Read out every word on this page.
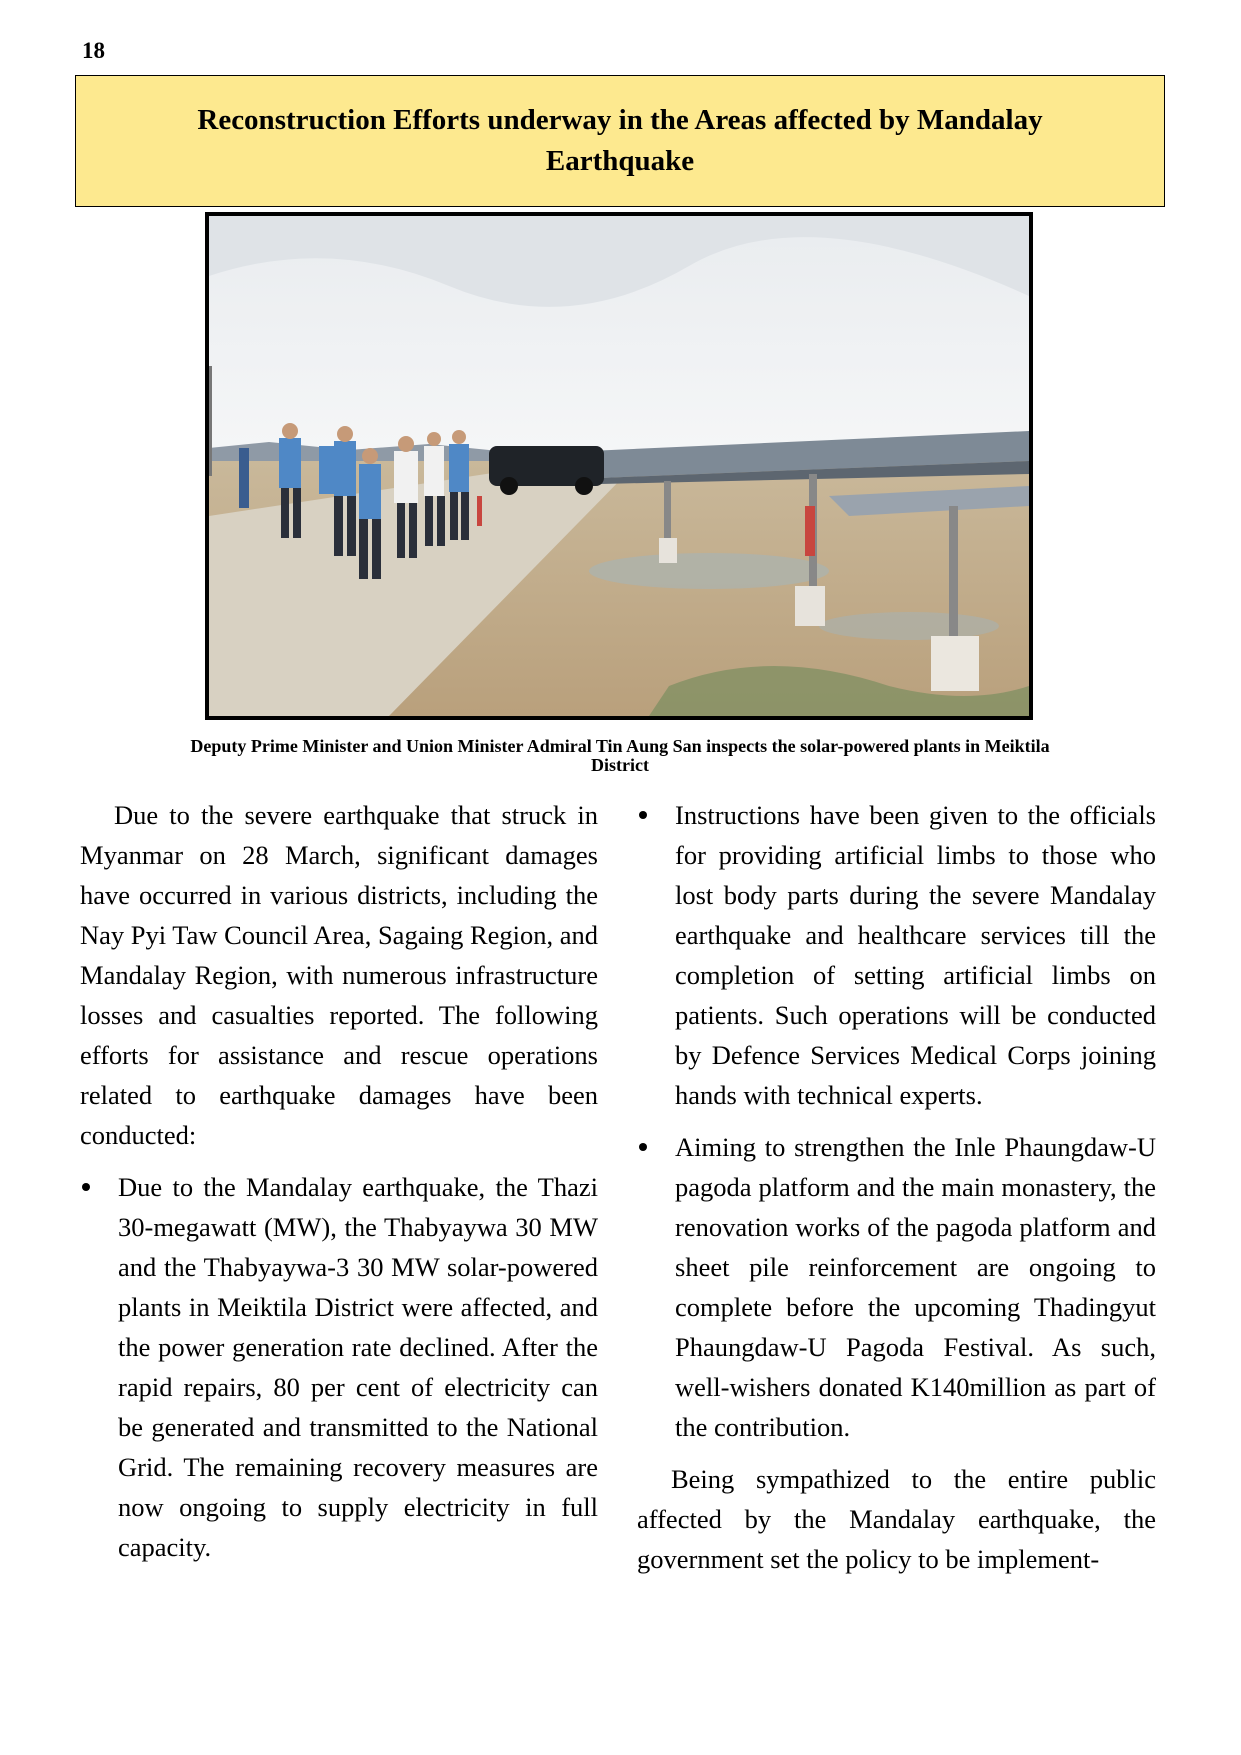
18
Reconstruction Efforts underway in the Areas affected by Mandalay
Earthquake
Deputy Prime Minister and Union Minister Admiral Tin Aung San inspects the solar-powered plants in Meiktila
District

Due to the severe earthquake that struck in Myanmar on 28 March, significant damages have occurred in various districts, including the Nay Pyi Taw Council Area, Sagaing Region, and Mandalay Region, with numerous infrastructure losses and casualties reported. The following efforts for assistance and rescue operations related to earthquake damages have been conducted:

Due to the Mandalay earthquake, the Thazi 30-megawatt (MW), the Thabyaywa 30 MW and the Thabyaywa-3 30 MW solar-powered plants in Meiktila District were affected, and the power generation rate declined. After the rapid repairs, 80 per cent of electricity can be generated and transmitted to the National Grid. The remaining recovery measures are now ongoing to supply electricity in full capacity.
Instructions have been given to the officials for providing artificial limbs to those who lost body parts during the severe Mandalay earthquake and healthcare services till the completion of setting artificial limbs on patients. Such operations will be conducted by Defence Services Medical Corps joining hands with technical experts.
Aiming to strengthen the Inle Phaungdaw-U pagoda platform and the main monastery, the renovation works of the pagoda platform and sheet pile reinforcement are ongoing to complete before the upcoming Thadingyut Phaungdaw-U Pagoda Festival. As such, well-wishers donated K140million as part of the contribution.

Being sympathized to the entire public affected by the Mandalay earthquake, the government set the policy to be implement-
